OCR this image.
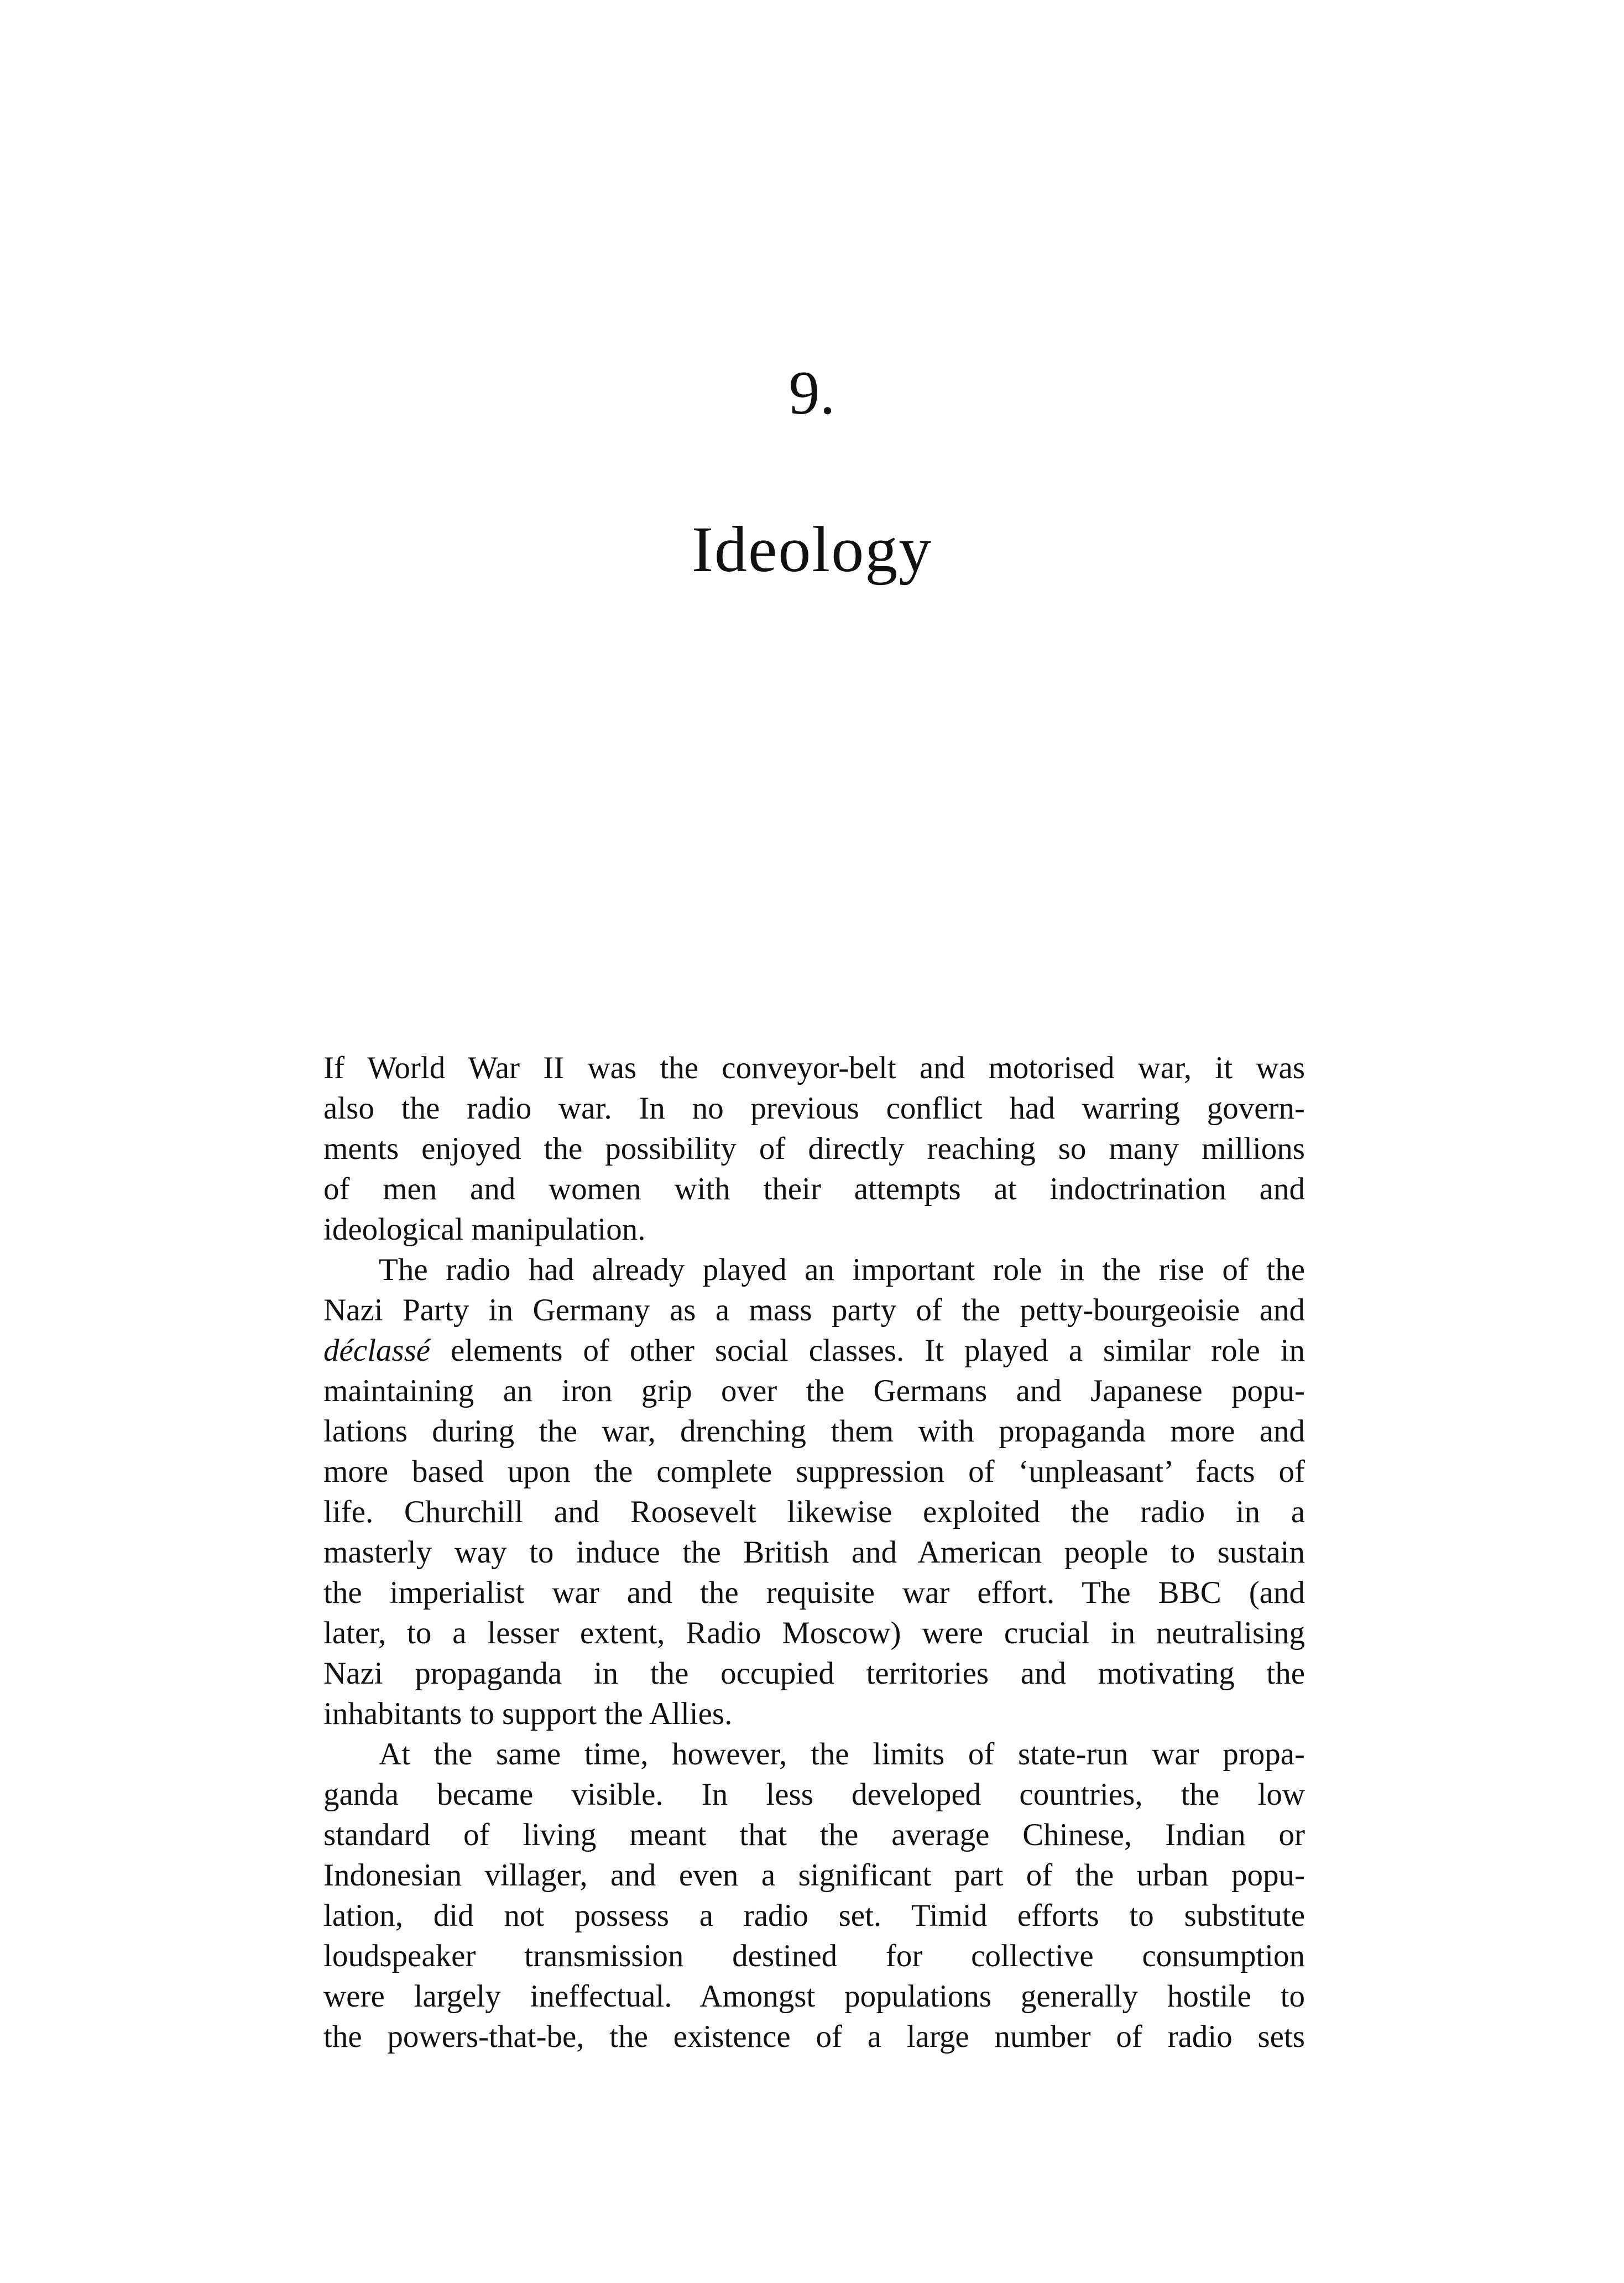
9.
Ideology
If World War II was the conveyor-belt and motorised war, it was
also the radio war. In no previous conflict had warring govern-
ments enjoyed the possibility of directly reaching so many millions
of men and women with their attempts at indoctrination and
ideological manipulation.
The radio had already played an important role in the rise of the
Nazi Party in Germany as a mass party of the petty-bourgeoisie and
déclassé elements of other social classes. It played a similar role in
maintaining an iron grip over the Germans and Japanese popu-
lations during the war, drenching them with propaganda more and
more based upon the complete suppression of ‘unpleasant’ facts of
life. Churchill and Roosevelt likewise exploited the radio in a
masterly way to induce the British and American people to sustain
the imperialist war and the requisite war effort. The BBC (and
later, to a lesser extent, Radio Moscow) were crucial in neutralising
Nazi propaganda in the occupied territories and motivating the
inhabitants to support the Allies.
At the same time, however, the limits of state-run war propa-
ganda became visible. In less developed countries, the low
standard of living meant that the average Chinese, Indian or
Indonesian villager, and even a significant part of the urban popu-
lation, did not possess a radio set. Timid efforts to substitute
loudspeaker transmission destined for collective consumption
were largely ineffectual. Amongst populations generally hostile to
the powers-that-be, the existence of a large number of radio sets
